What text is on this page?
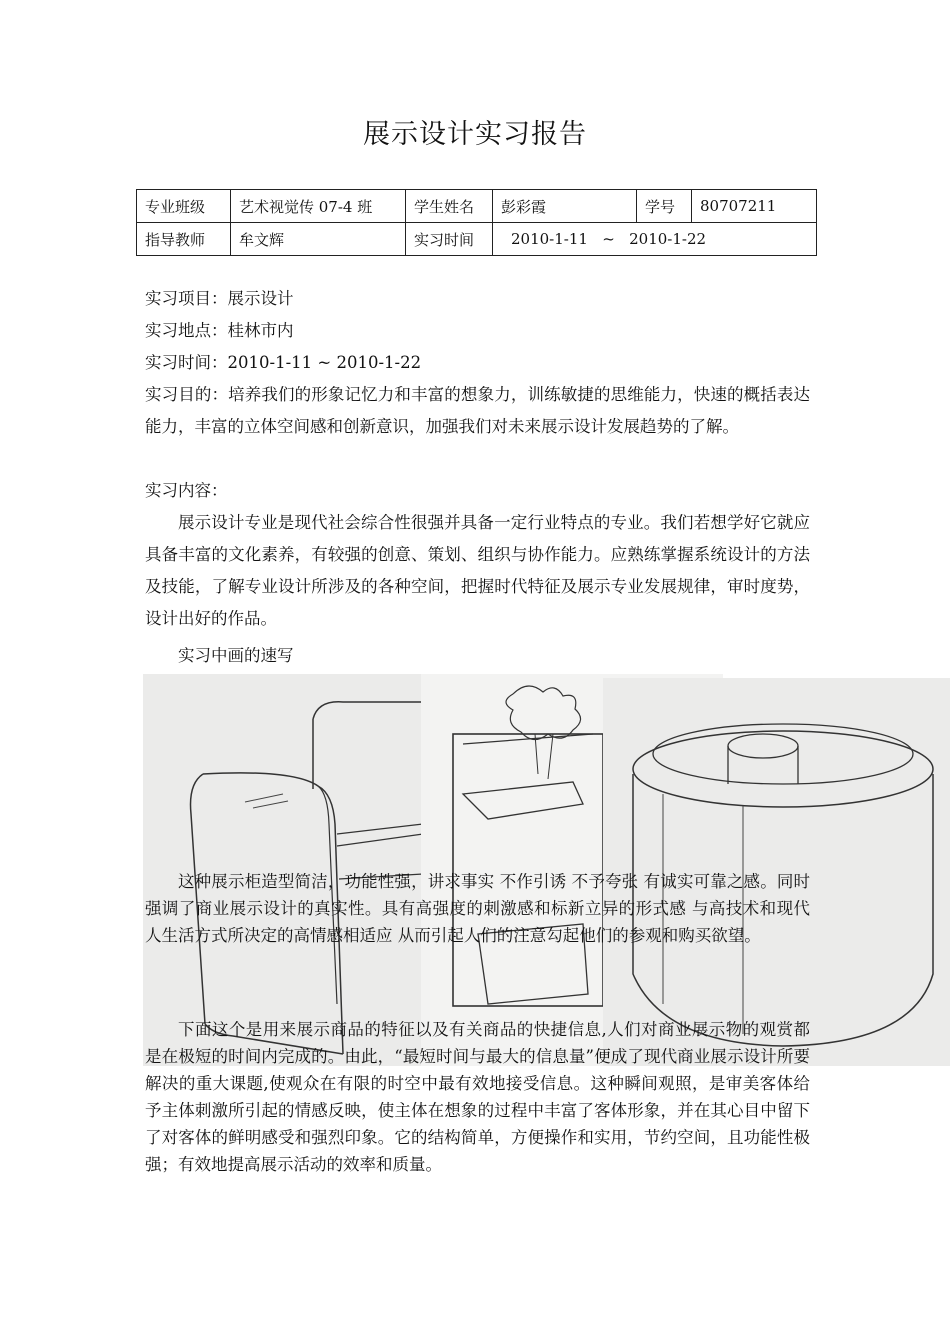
展示设计实习报告
专业班级	艺术视觉传 07-4 班	学生姓名	彭彩霞	学号	80707211
指导教师	牟文辉	实习时间	2010-1-11   ~   2010-1-22		
实习项目：展示设计
实习地点：桂林市内
实习时间：2010-1-11 ~ 2010-1-22
实习目的：培养我们的形象记忆力和丰富的想象力，训练敏捷的思维能力，快速的概括表达能力，丰富的立体空间感和创新意识，加强我们对未来展示设计发展趋势的了解。
实习内容：
展示设计专业是现代社会综合性很强并具备一定行业特点的专业。我们若想学好它就应具备丰富的文化素养，有较强的创意、策划、组织与协作能力。应熟练掌握系统设计的方法及技能，了解专业设计所涉及的各种空间，把握时代特征及展示专业发展规律，审时度势，设计出好的作品。
实习中画的速写
这种展示柜造型简洁，功能性强，讲求事实 不作引诱 不予夸张 有诚实可靠之感。同时 强调了商业展示设计的真实性。具有高强度的刺激感和标新立异的形式感 与高技术和现代人生活方式所决定的高情感相适应 从而引起人们的注意勾起他们的参观和购买欲望。
下面这个是用来展示商品的特征以及有关商品的快捷信息,人们对商业展示物的观赏都是在极短的时间内完成的。由此，“最短时间与最大的信息量”便成了现代商业展示设计所要解决的重大课题,使观众在有限的时空中最有效地接受信息。这种瞬间观照，是审美客体给予主体刺激所引起的情感反映，使主体在想象的过程中丰富了客体形象，并在其心目中留下了对客体的鲜明感受和强烈印象。它的结构简单，方便操作和实用，节约空间，且功能性极强；有效地提高展示活动的效率和质量。
